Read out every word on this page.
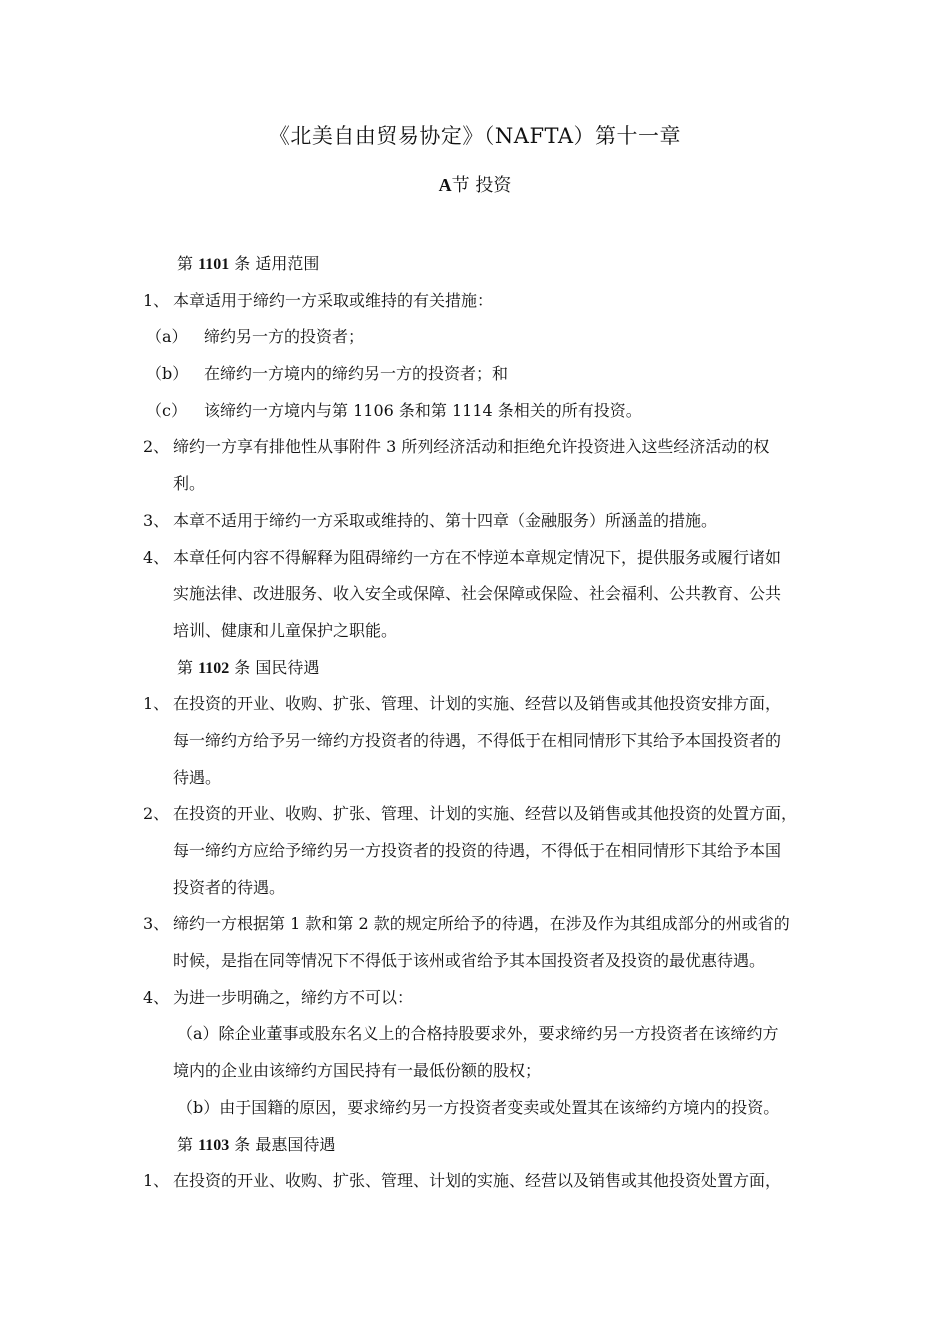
《北美自由贸易协定》（NAFTA）第十一章
A节 投资
第 1101 条 适用范围
1、 本章适用于缔约一方采取或维持的有关措施：
（a） 缔约另一方的投资者；
（b） 在缔约一方境内的缔约另一方的投资者；和
（c） 该缔约一方境内与第 1106 条和第 1114 条相关的所有投资。
2、 缔约一方享有排他性从事附件 3 所列经济活动和拒绝允许投资进入这些经济活动的权
利。
3、 本章不适用于缔约一方采取或维持的、第十四章（金融服务）所涵盖的措施。
4、 本章任何内容不得解释为阻碍缔约一方在不悖逆本章规定情况下，提供服务或履行诸如
实施法律、改进服务、收入安全或保障、社会保障或保险、社会福利、公共教育、公共
培训、健康和儿童保护之职能。
第 1102 条 国民待遇
1、 在投资的开业、收购、扩张、管理、计划的实施、经营以及销售或其他投资安排方面，
每一缔约方给予另一缔约方投资者的待遇，不得低于在相同情形下其给予本国投资者的
待遇。
2、 在投资的开业、收购、扩张、管理、计划的实施、经营以及销售或其他投资的处置方面，
每一缔约方应给予缔约另一方投资者的投资的待遇，不得低于在相同情形下其给予本国
投资者的待遇。
3、 缔约一方根据第 1 款和第 2 款的规定所给予的待遇，在涉及作为其组成部分的州或省的
时候，是指在同等情况下不得低于该州或省给予其本国投资者及投资的最优惠待遇。
4、 为进一步明确之，缔约方不可以：
（a）除企业董事或股东名义上的合格持股要求外，要求缔约另一方投资者在该缔约方
境内的企业由该缔约方国民持有一最低份额的股权；
（b）由于国籍的原因，要求缔约另一方投资者变卖或处置其在该缔约方境内的投资。
第 1103 条 最惠国待遇
1、 在投资的开业、收购、扩张、管理、计划的实施、经营以及销售或其他投资处置方面，
